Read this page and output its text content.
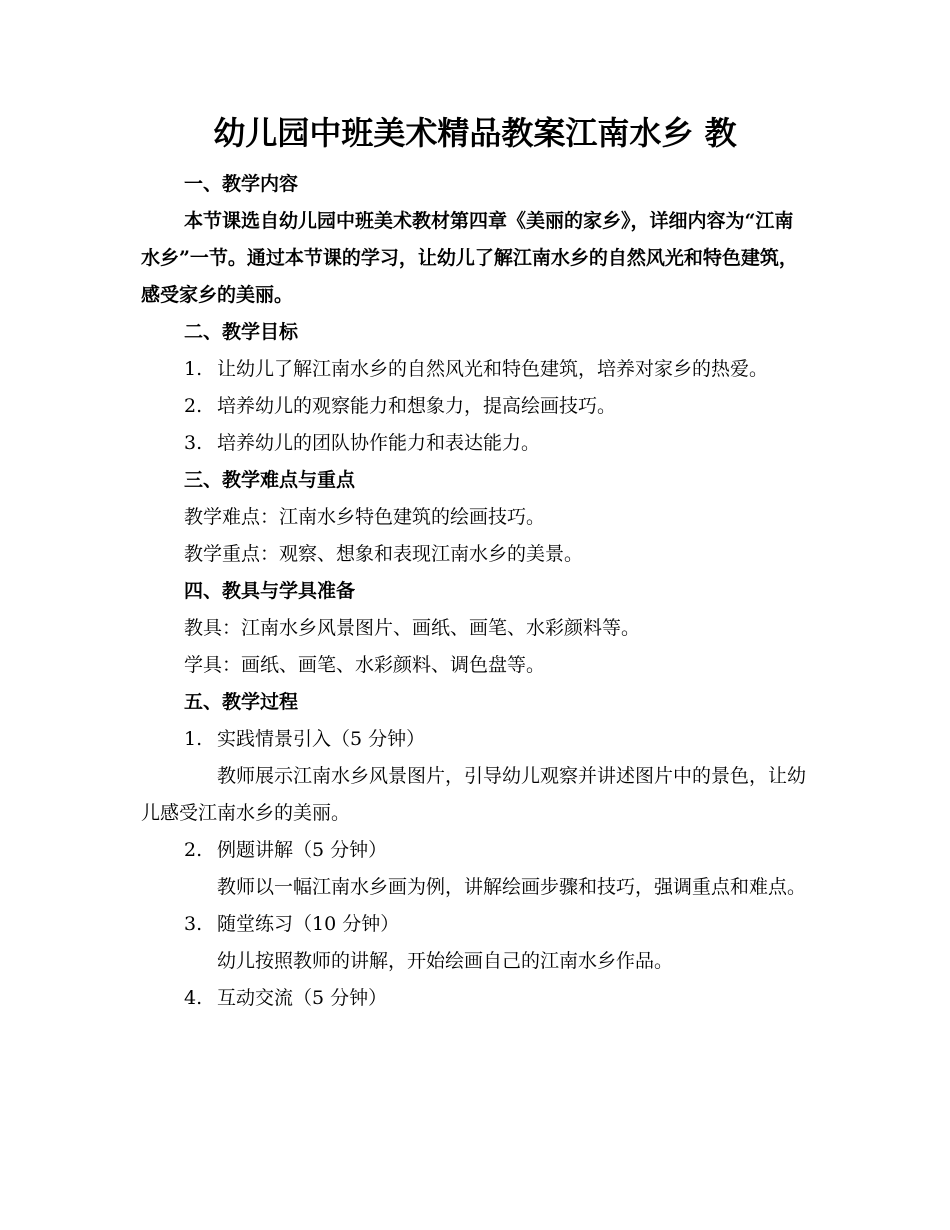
幼儿园中班美术精品教案江南水乡 教

一、教学内容

本节课选自幼儿园中班美术教材第四章《美丽的家乡》，详细内容为“江南水乡”一节。通过本节课的学习，让幼儿了解江南水乡的自然风光和特色建筑，感受家乡的美丽。

二、教学目标

1. 让幼儿了解江南水乡的自然风光和特色建筑，培养对家乡的热爱。

2. 培养幼儿的观察能力和想象力，提高绘画技巧。

3. 培养幼儿的团队协作能力和表达能力。

三、教学难点与重点

教学难点：江南水乡特色建筑的绘画技巧。

教学重点：观察、想象和表现江南水乡的美景。

四、教具与学具准备

教具：江南水乡风景图片、画纸、画笔、水彩颜料等。

学具：画纸、画笔、水彩颜料、调色盘等。

五、教学过程

1. 实践情景引入（5 分钟）

教师展示江南水乡风景图片，引导幼儿观察并讲述图片中的景色，让幼儿感受江南水乡的美丽。

2. 例题讲解（5 分钟）

教师以一幅江南水乡画为例，讲解绘画步骤和技巧，强调重点和难点。

3. 随堂练习（10 分钟）

幼儿按照教师的讲解，开始绘画自己的江南水乡作品。

4. 互动交流（5 分钟）
